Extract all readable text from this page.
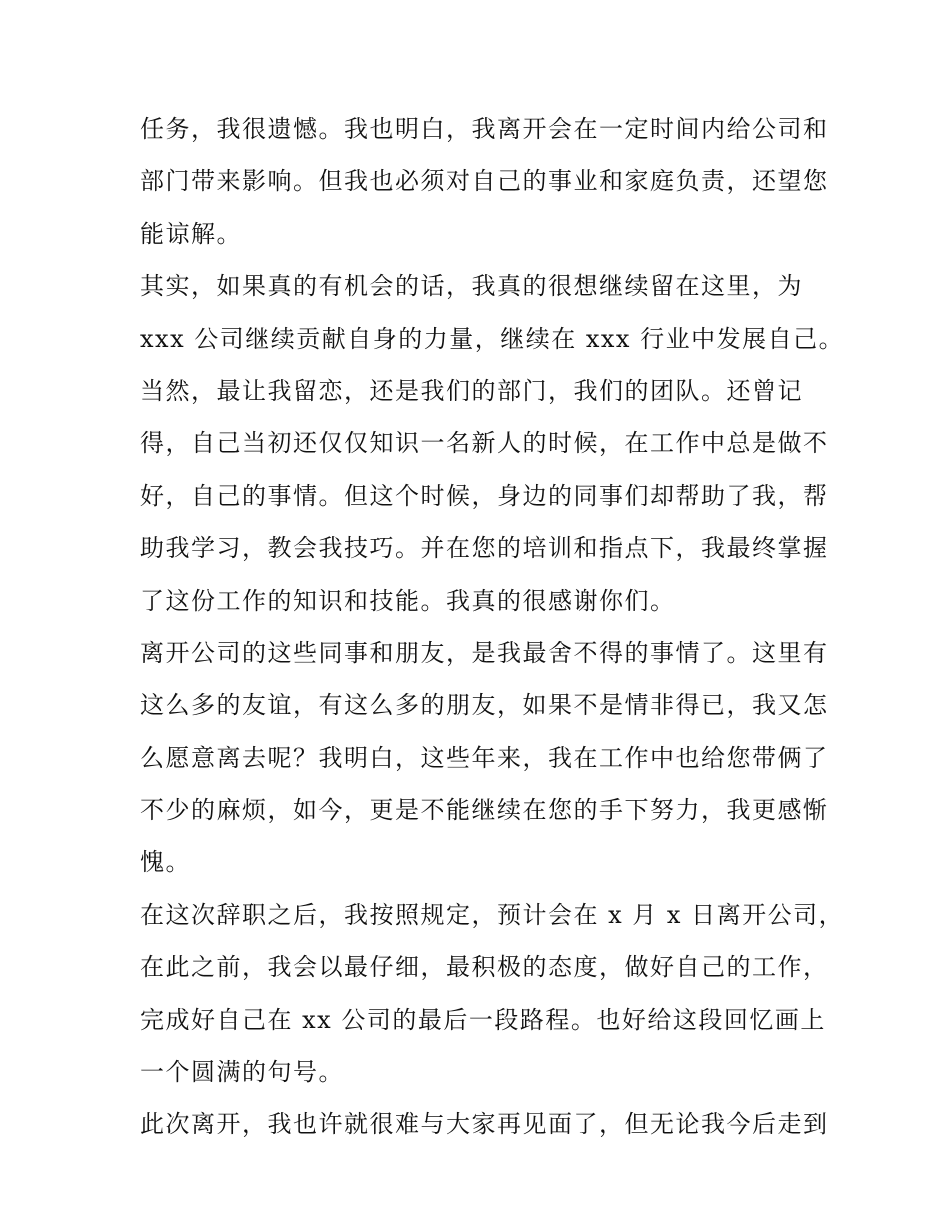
任务，我很遗憾。我也明白，我离开会在一定时间内给公司和
部门带来影响。但我也必须对自己的事业和家庭负责，还望您
能谅解。
其实，如果真的有机会的话，我真的很想继续留在这里，为
xxx 公司继续贡献自身的力量，继续在 xxx 行业中发展自己。
当然，最让我留恋，还是我们的部门，我们的团队。还曾记
得，自己当初还仅仅知识一名新人的时候，在工作中总是做不
好，自己的事情。但这个时候，身边的同事们却帮助了我，帮
助我学习，教会我技巧。并在您的培训和指点下，我最终掌握
了这份工作的知识和技能。我真的很感谢你们。
离开公司的这些同事和朋友，是我最舍不得的事情了。这里有
这么多的友谊，有这么多的朋友，如果不是情非得已，我又怎
么愿意离去呢？我明白，这些年来，我在工作中也给您带俩了
不少的麻烦，如今，更是不能继续在您的手下努力，我更感惭
愧。
在这次辞职之后，我按照规定，预计会在 x 月 x 日离开公司，
在此之前，我会以最仔细，最积极的态度，做好自己的工作，
完成好自己在 xx 公司的最后一段路程。也好给这段回忆画上
一个圆满的句号。
此次离开，我也许就很难与大家再见面了，但无论我今后走到
